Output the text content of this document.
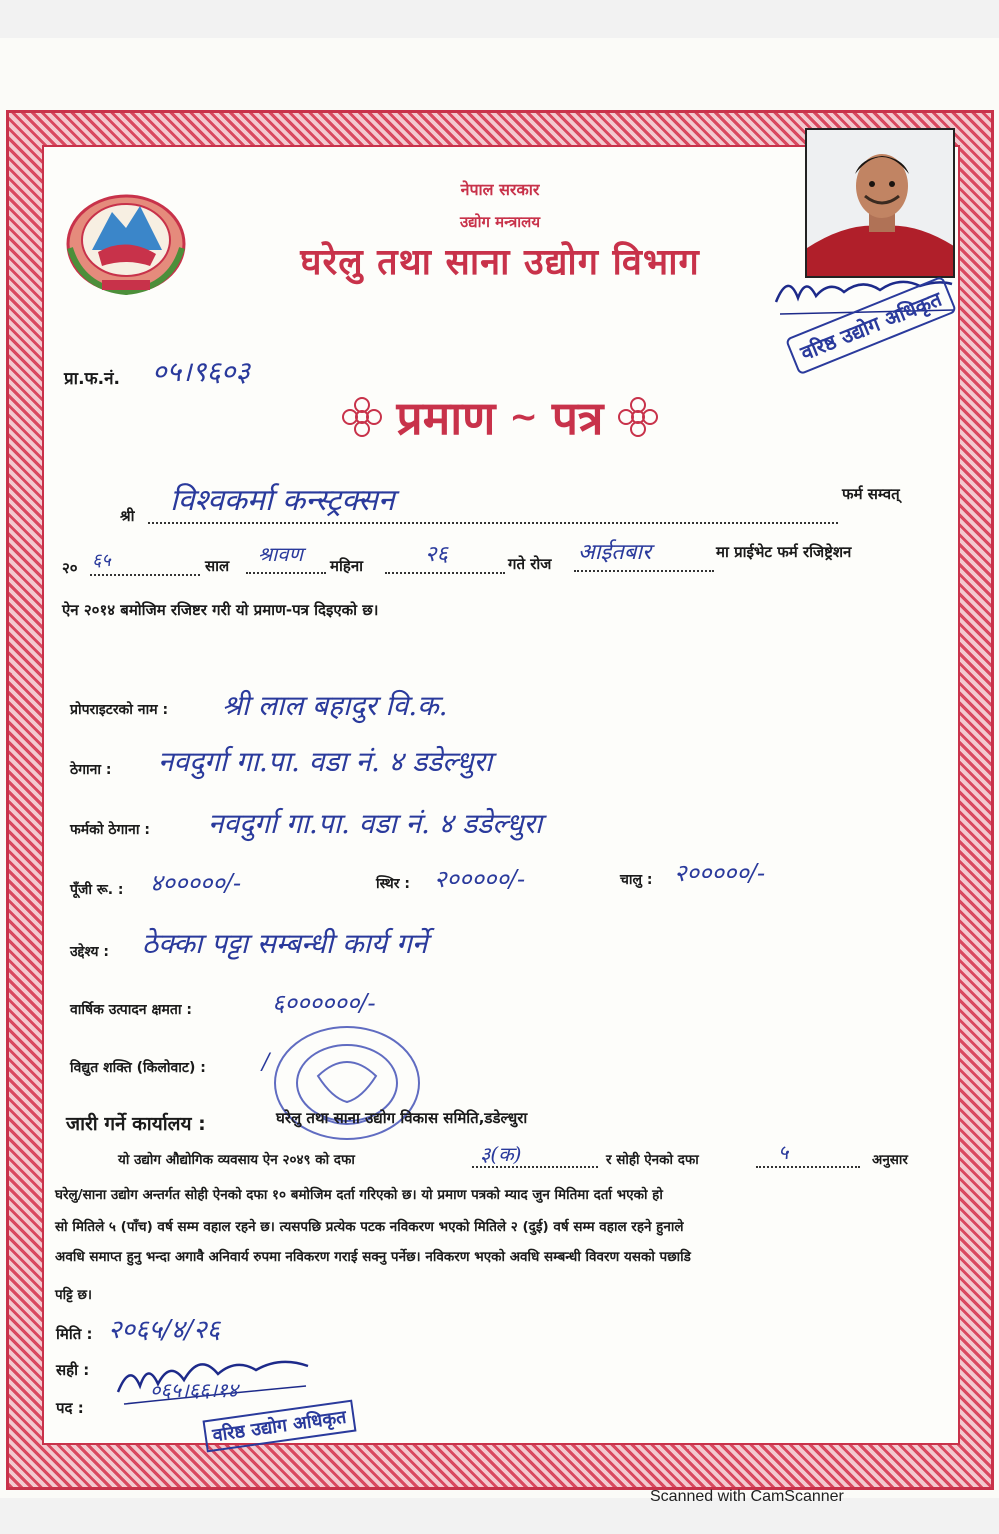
नेपाल सरकार
उद्योग मन्त्रालय
घरेलु तथा साना उद्योग विभाग
वरिष्ठ उद्योग अधिकृत
प्रा.फ.नं. ०५।९६०३
प्रमाण ~ पत्र
श्री विश्वकर्मा कन्स्ट्रक्सन	फर्म सम्वत्
२० ६५	साल श्रावण महिना	२६	गते रोज आईतबार	मा प्राईभेट फर्म रजिष्ट्रेशन
ऐन २०१४ बमोजिम रजिष्टर गरी यो प्रमाण-पत्र दिइएको छ।
प्रोपराइटरको नाम : श्री लाल बहादुर वि.क.
ठेगाना : नवदुर्गा गा.पा. वडा नं. ४ डडेल्धुरा
फर्मको ठेगाना : नवदुर्गा गा.पा. वडा नं. ४ डडेल्धुरा
पूँजी रू. : ४०००००/-	स्थिर : २०००००/-	चालु : २०००००/-
उद्देश्य : ठेक्का पट्टा सम्बन्धी कार्य गर्ने
वार्षिक उत्पादन क्षमता :	६००००००/-
विद्युत शक्ति (किलोवाट) :	/
जारी गर्ने कार्यालय :	घरेलु तथा साना उद्योग विकास समिति,डडेल्धुरा
यो उद्योग औद्योगिक व्यवसाय ऐन २०४९ को दफा	३(क)	र सोही ऐनको दफा	५	अनुसार
घरेलु/साना उद्योग अन्तर्गत सोही ऐनको दफा १० बमोजिम दर्ता गरिएको छ। यो प्रमाण पत्रको म्याद जुन मितिमा दर्ता भएको हो
सो मितिले ५ (पाँच) वर्ष सम्म वहाल रहने छ। त्यसपछि प्रत्येक पटक नविकरण भएको मितिले २ (दुई) वर्ष सम्म वहाल रहने हुनाले
अवधि समाप्त हुनु भन्दा अगावै अनिवार्य रुपमा नविकरण गराई सक्नु पर्नेछ। नविकरण भएको अवधि सम्बन्धी विवरण यसको पछाडि
पट्टि छ।
मिति : २०६५/४/२६
सही :
०६५।६६।१४
पद :	वरिष्ठ उद्योग अधिकृत
Scanned with CamScanner
